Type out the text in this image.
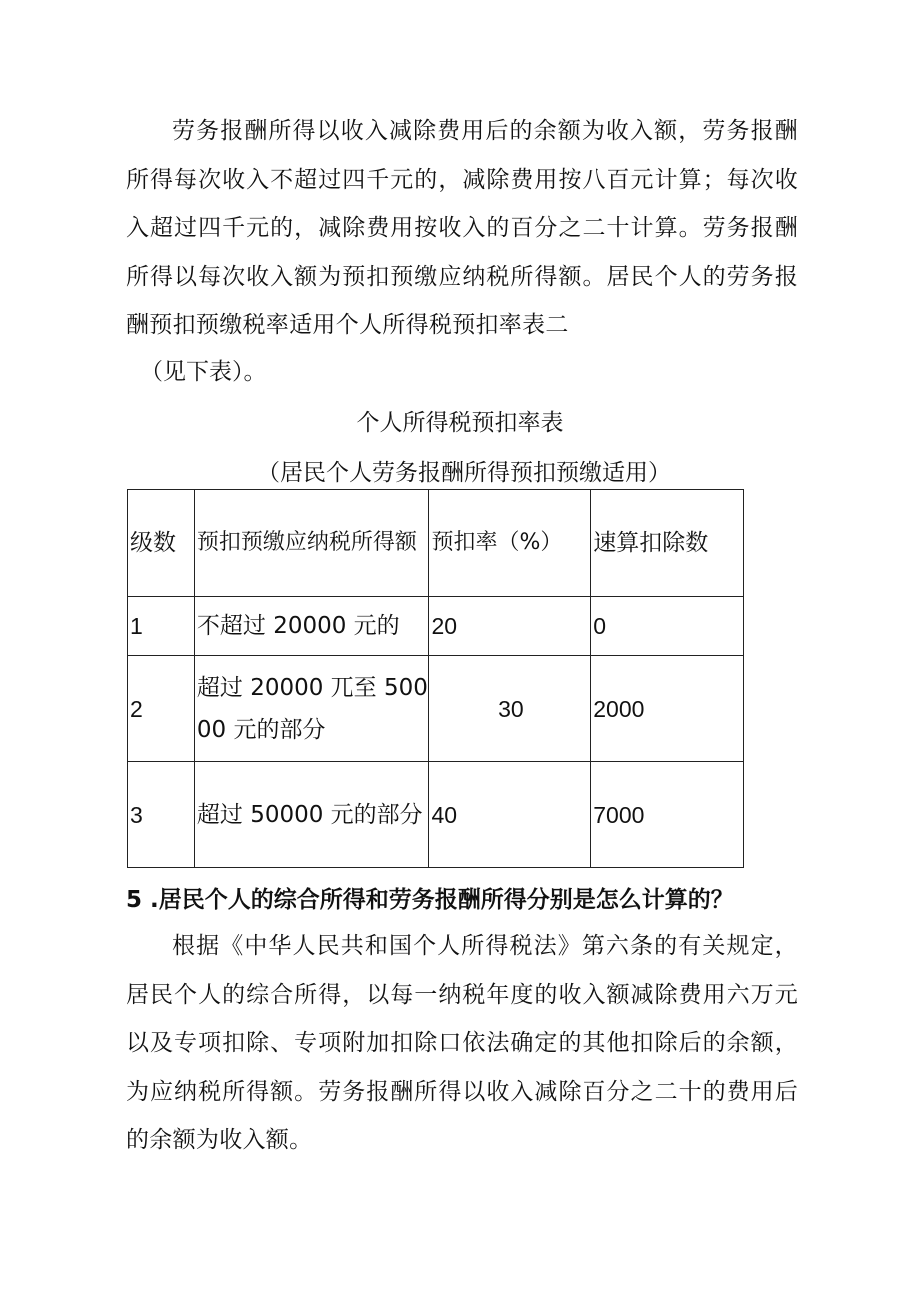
劳务报酬所得以收入减除费用后的余额为收入额，劳务报酬所得每次收入不超过四千元的，减除费用按八百元计算；每次收入超过四千元的，减除费用按收入的百分之二十计算。劳务报酬所得以每次收入额为预扣预缴应纳税所得额。居民个人的劳务报酬预扣预缴税率适用个人所得税预扣率表二

（见下表）。

个人所得税预扣率表

（居民个人劳务报酬所得预扣预缴适用）

级数	预扣预缴应纳税所得额	预扣率（%）	速算扣除数
1	不超过 20000 元的	20	0
2	超过 20000 兀至 50000 元的部分	30	2000
3	超过 50000 元的部分	40	7000

5 .居民个人的综合所得和劳务报酬所得分别是怎么计算的？

根据《中华人民共和国个人所得税法》第六条的有关规定，居民个人的综合所得，以每一纳税年度的收入额减除费用六万元以及专项扣除、专项附加扣除口依法确定的其他扣除后的余额，为应纳税所得额。劳务报酬所得以收入减除百分之二十的费用后的余额为收入额。
